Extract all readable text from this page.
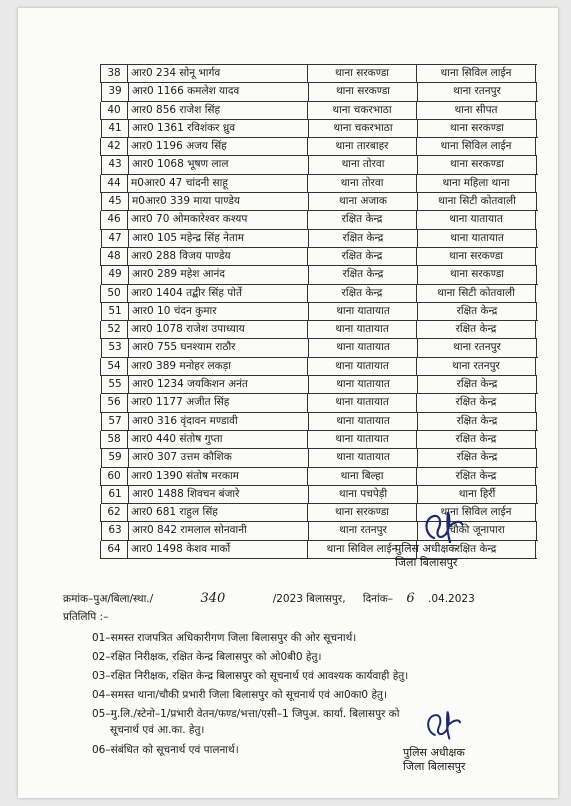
38 आर0 234 सोनू भार्गव	थाना सरकण्डा	थाना सिविल लाईन
39 आर0 1166 कमलेश यादव	थाना सरकण्डा	थाना रतनपुर
40 आर0 856 राजेश सिंह	थाना चकरभाठा	थाना सीपत
41 आर0 1361 रविशंकर ध्रुव	थाना चकरभाठा	थाना सरकण्डा
42 आर0 1196 अजय सिंह	थाना तारबाहर	थाना सिविल लाईन
43 आर0 1068 भूषण लाल	थाना तोरवा	थाना सरकण्डा
44 म0आर0 47 चांदनी साहू	थाना तोरवा	थाना महिला थाना
45 म0आर0 339 माया पाण्डेय	थाना अजाक	थाना सिटी कोतवाली
46 आर0 70 ओमकारेश्वर कश्यप	रक्षित केन्द्र	थाना यातायात
47 आर0 105 महेन्द्र सिंह नेताम	रक्षित केन्द्र	थाना यातायात
48 आर0 288 विजय पाण्डेय	रक्षित केन्द्र	थाना सरकण्डा
49 आर0 289 महेश आनंद	रक्षित केन्द्र	थाना सरकण्डा
50 आर0 1404 तद्बीर सिंह पोर्ते	रक्षित केन्द्र	थाना सिटी कोतवाली
51 आर0 10 चंदन कुमार	थाना यातायात	रक्षित केन्द्र
52 आर0 1078 राजेश उपाध्याय	थाना यातायात	रक्षित केन्द्र
53 आर0 755 घनश्याम राठौर	थाना यातायात	थाना रतनपुर
54 आर0 389 मनोहर लकड़ा	थाना यातायात	थाना रतनपुर
55 आर0 1234 जयकिशन अनंत	थाना यातायात	रक्षित केन्द्र
56 आर0 1177 अजीत सिंह	थाना यातायात	रक्षित केन्द्र
57 आर0 316 वृंदावन मण्डावी	थाना यातायात	रक्षित केन्द्र
58 आर0 440 संतोष गुप्ता	थाना यातायात	रक्षित केन्द्र
59 आर0 307 उत्तम कौशिक	थाना यातायात	रक्षित केन्द्र
60 आर0 1390 संतोष मरकाम	थाना बिल्हा	रक्षित केन्द्र
61 आर0 1488 शिवचन बंजारे	थाना पचपेड़ी	थाना हिर्री
62 आर0 681 राहुल सिंह	थाना सरकण्डा	थाना सिविल लाईन
63 आर0 842 रामलाल सोनवानी	थाना रतनपुर	चौकी जूनापारा
64 आर0 1498 केशव मार्को	थाना सिविल लाईन	रक्षित केन्द्र
पुलिस अधीक्षक
जिला बिलासपुर
क्रमांक–पुअ/बिला/स्था./	340	/2023 बिलासपुर, दिनांक– 6 .04.2023
प्रतिलिपि :–
01–समस्त राजपत्रित अधिकारीगण जिला बिलासपुर की ओर सूचनार्थ।
02–रक्षित निरीक्षक, रक्षित केन्द्र बिलासपुर को ओ0बी0 हेतु।
03–रक्षित निरीक्षक, रक्षित केन्द्र बिलासपुर को सूचनार्थ एवं आवश्यक कार्यवाही हेतु।
04–समस्त थाना/चौकी प्रभारी जिला बिलासपुर को सूचनार्थ एवं आ0का0 हेतु।
05–मु.लि./स्टेनो–1/प्रभारी वेतन/फण्ड/भत्ता/एसी–1 जिपुअ. कार्या. बिलासपुर को
सूचनार्थ एवं आ.का. हेतु।
06–संबंधित को सूचनार्थ एवं पालनार्थ।	पुलिस अधीक्षक
जिला बिलासपुर
